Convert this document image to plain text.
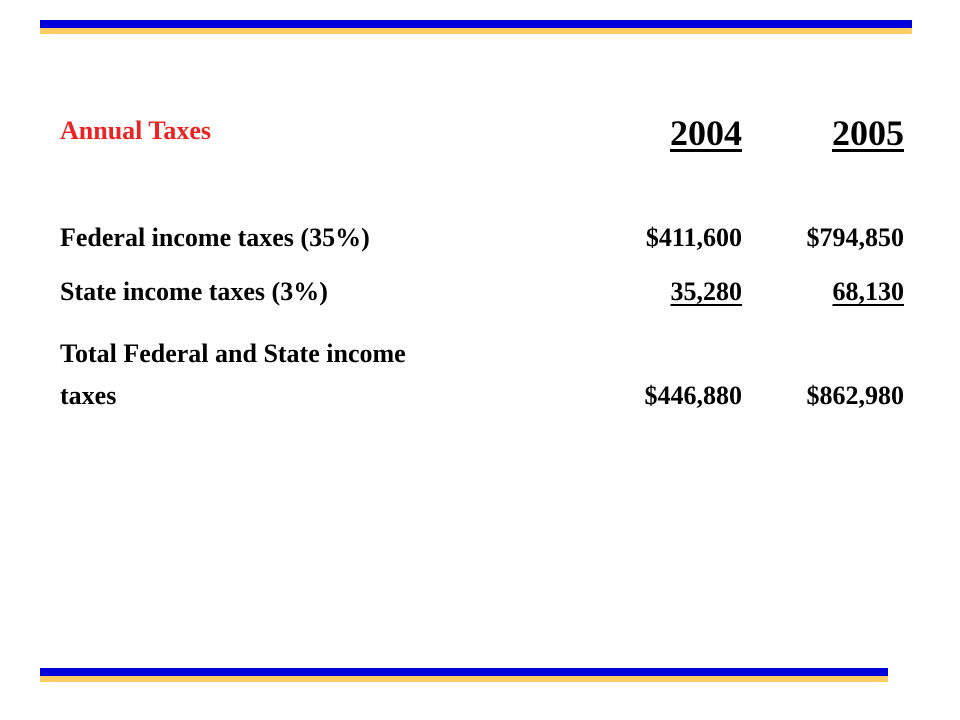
Annual Taxes	2004	2005
Federal income taxes (35%)	$411,600 $794,850
State income taxes (3%)	35,280	68,130
Total Federal and State income
taxes	$446,880 $862,980
